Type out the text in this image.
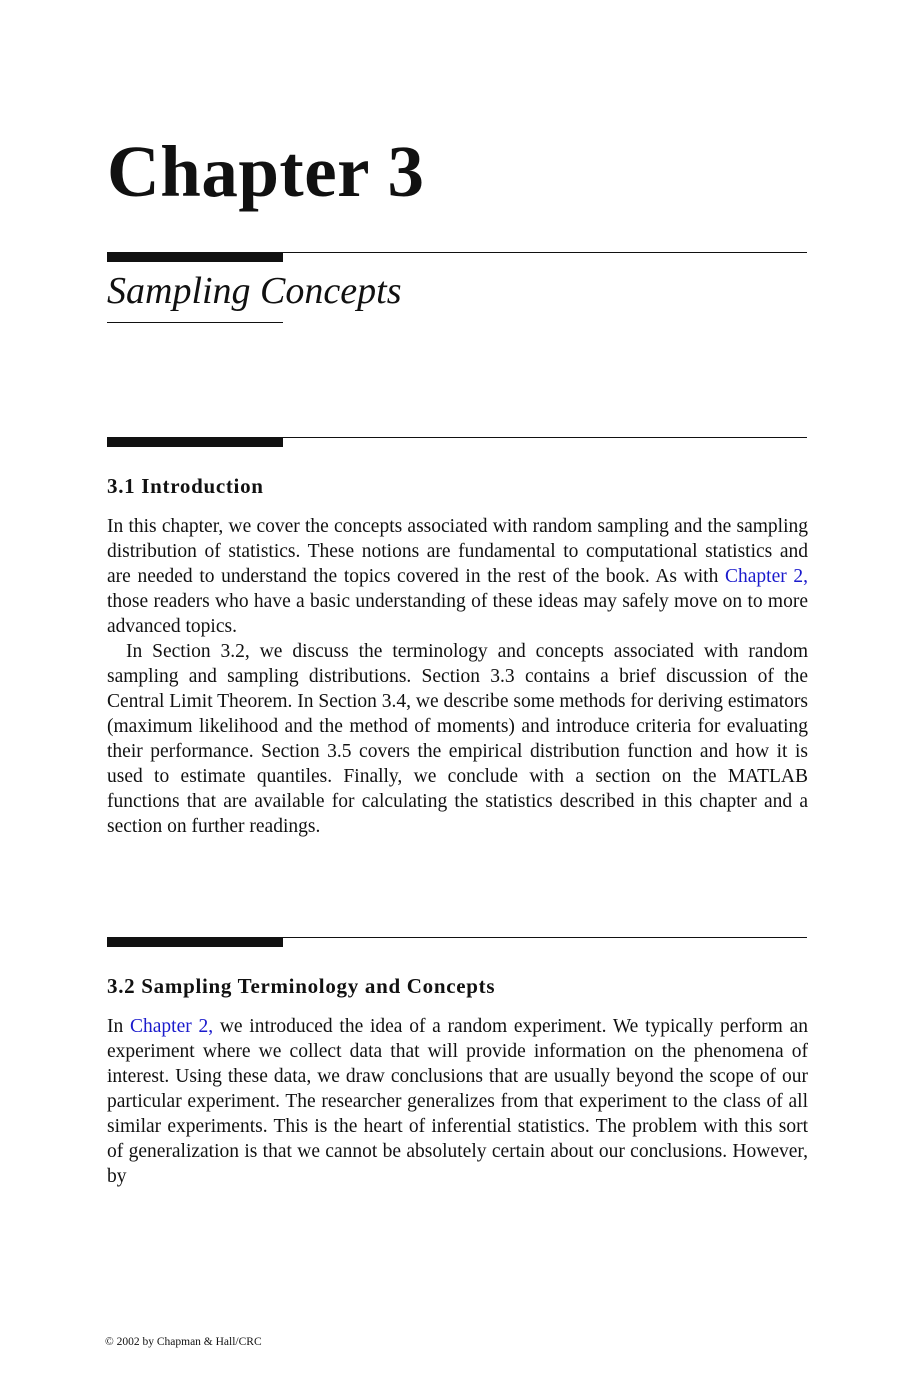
Chapter 3
Sampling Concepts
3.1 Introduction

In this chapter, we cover the concepts associated with random sampling and the sampling distribution of statistics. These notions are fundamental to computational statistics and are needed to understand the topics covered in the rest of the book. As with Chapter 2, those readers who have a basic understanding of these ideas may safely move on to more advanced topics.

In Section 3.2, we discuss the terminology and concepts associated with random sampling and sampling distributions. Section 3.3 contains a brief discussion of the Central Limit Theorem. In Section 3.4, we describe some methods for deriving estimators (maximum likelihood and the method of moments) and introduce criteria for evaluating their performance. Section 3.5 covers the empirical distribution function and how it is used to estimate quantiles. Finally, we conclude with a section on the MATLAB functions that are available for calculating the statistics described in this chapter and a section on further readings.

3.2 Sampling Terminology and Concepts

In Chapter 2, we introduced the idea of a random experiment. We typically perform an experiment where we collect data that will provide information on the phenomena of interest. Using these data, we draw conclusions that are usually beyond the scope of our particular experiment. The researcher generalizes from that experiment to the class of all similar experiments. This is the heart of inferential statistics. The problem with this sort of generalization is that we cannot be absolutely certain about our conclusions. However, by

© 2002 by Chapman & Hall/CRC
